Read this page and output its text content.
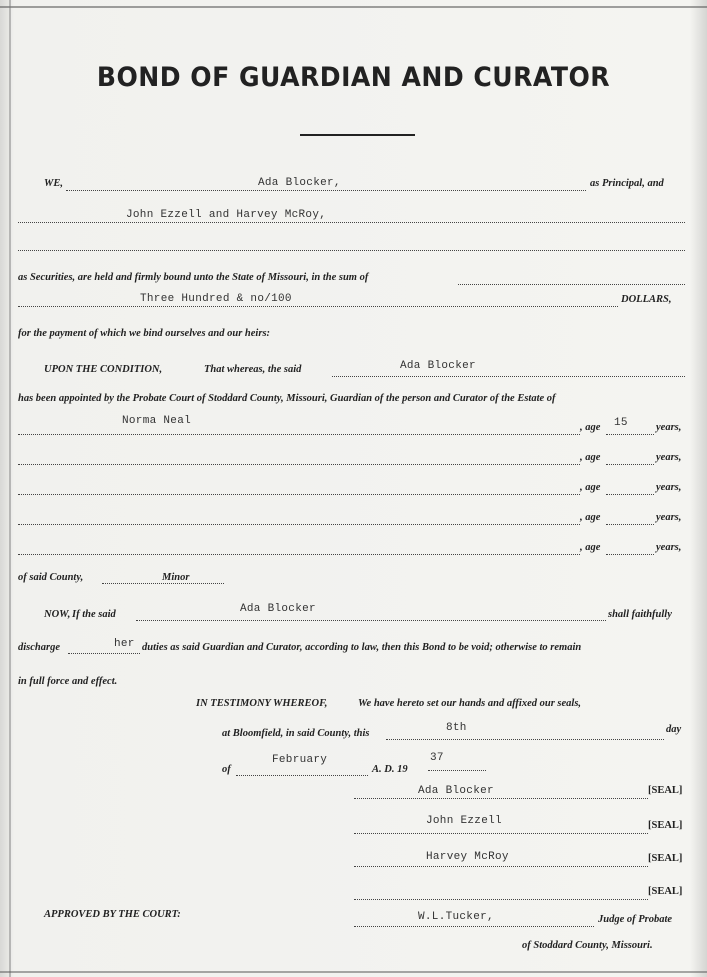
BOND OF GUARDIAN AND CURATOR
WE,	Ada Blocker,	as Principal, and
John Ezzell and Harvey McRoy,
as Securities, are held and firmly bound unto the State of Missouri, in the sum of
Three Hundred & no/100	DOLLARS,
for the payment of which we bind ourselves and our heirs:
UPON THE CONDITION,	That whereas, the said	Ada Blocker
has been appointed by the Probate Court of Stoddard County, Missouri, Guardian of the person and Curator of the Estate of
Norma Neal
, age 15	years,
, age	years,
, age	years,
, age	years,
, age	years,
of said County,	Minor
NOW, If the said	Ada Blocker	shall faithfully
discharge	her duties as said Guardian and Curator, according to law, then this Bond to be void; otherwise to remain
in full force and effect.
IN TESTIMONY WHEREOF,	We have hereto set our hands and affixed our seals,
at Bloomfield, in said County, this	8th	day
of
February
A. D. 19
37
Ada Blocker	[SEAL]
John Ezzell	[SEAL]
Harvey McRoy	[SEAL]
[SEAL]
APPROVED BY THE COURT:	W.L.Tucker,	Judge of Probate
of Stoddard County, Missouri.
